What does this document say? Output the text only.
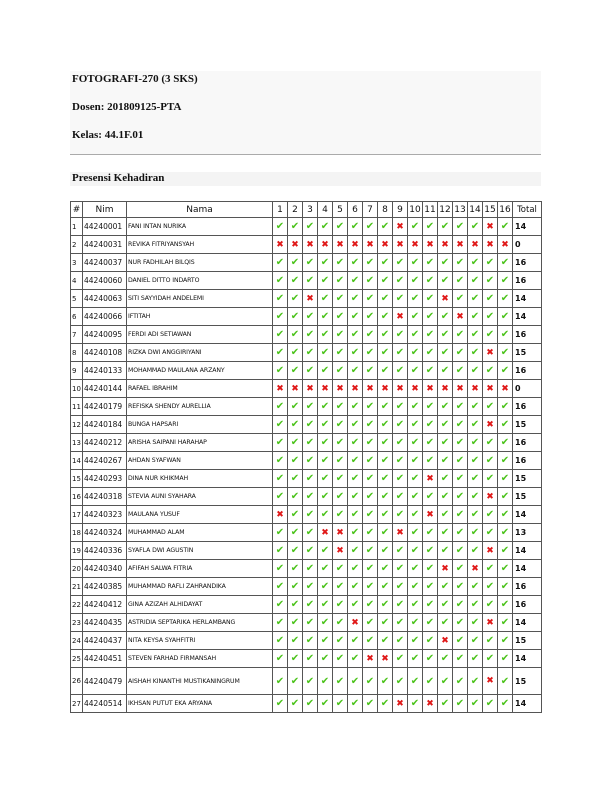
FOTOGRAFI-270 (3 SKS)
Dosen: 201809125-PTA
Kelas: 44.1F.01
Presensi Kehadiran
#	Nim	Nama	1	2	3	4	5	6	7	8	9	10	11	12	13	14	15	16	Total
1	44240001	FANI INTAN NURIKA	✔	✔	✔	✔	✔	✔	✔	✔	✖	✔	✔	✔	✔	✔	✖	✔	14
2	44240031	REVIKA FITRIYANSYAH	✖	✖	✖	✖	✖	✖	✖	✖	✖	✖	✖	✖	✖	✖	✖	✖	0
3	44240037	NUR FADHILAH BILQIS	✔	✔	✔	✔	✔	✔	✔	✔	✔	✔	✔	✔	✔	✔	✔	✔	16
4	44240060	DANIEL DITTO INDARTO	✔	✔	✔	✔	✔	✔	✔	✔	✔	✔	✔	✔	✔	✔	✔	✔	16
5	44240063	SITI SAYYIDAH ANDELEMI	✔	✔	✖	✔	✔	✔	✔	✔	✔	✔	✔	✖	✔	✔	✔	✔	14
6	44240066	IFTITAH	✔	✔	✔	✔	✔	✔	✔	✔	✖	✔	✔	✔	✖	✔	✔	✔	14
7	44240095	FERDI ADI SETIAWAN	✔	✔	✔	✔	✔	✔	✔	✔	✔	✔	✔	✔	✔	✔	✔	✔	16
8	44240108	RIZKA DWI ANGGIRIYANI	✔	✔	✔	✔	✔	✔	✔	✔	✔	✔	✔	✔	✔	✔	✖	✔	15
9	44240133	MOHAMMAD MAULANA ARZANY	✔	✔	✔	✔	✔	✔	✔	✔	✔	✔	✔	✔	✔	✔	✔	✔	16
10	44240144	RAFAEL IBRAHIM	✖	✖	✖	✖	✖	✖	✖	✖	✖	✖	✖	✖	✖	✖	✖	✖	0
11	44240179	REFISKA SHENDY AURELLIA	✔	✔	✔	✔	✔	✔	✔	✔	✔	✔	✔	✔	✔	✔	✔	✔	16
12	44240184	BUNGA HAPSARI	✔	✔	✔	✔	✔	✔	✔	✔	✔	✔	✔	✔	✔	✔	✖	✔	15
13	44240212	ARISHA SAIPANI HARAHAP	✔	✔	✔	✔	✔	✔	✔	✔	✔	✔	✔	✔	✔	✔	✔	✔	16
14	44240267	AHDAN SYAFWAN	✔	✔	✔	✔	✔	✔	✔	✔	✔	✔	✔	✔	✔	✔	✔	✔	16
15	44240293	DINA NUR KHIKMAH	✔	✔	✔	✔	✔	✔	✔	✔	✔	✔	✖	✔	✔	✔	✔	✔	15
16	44240318	STEVIA AUNI SYAHARA	✔	✔	✔	✔	✔	✔	✔	✔	✔	✔	✔	✔	✔	✔	✖	✔	15
17	44240323	MAULANA YUSUF	✖	✔	✔	✔	✔	✔	✔	✔	✔	✔	✖	✔	✔	✔	✔	✔	14
18	44240324	MUHAMMAD ALAM	✔	✔	✔	✖	✖	✔	✔	✔	✖	✔	✔	✔	✔	✔	✔	✔	13
19	44240336	SYAFLA DWI AGUSTIN	✔	✔	✔	✔	✖	✔	✔	✔	✔	✔	✔	✔	✔	✔	✖	✔	14
20	44240340	AFIFAH SALWA FITRIA	✔	✔	✔	✔	✔	✔	✔	✔	✔	✔	✔	✖	✔	✖	✔	✔	14
21	44240385	MUHAMMAD RAFLI ZAHRANDIKA	✔	✔	✔	✔	✔	✔	✔	✔	✔	✔	✔	✔	✔	✔	✔	✔	16
22	44240412	GINA AZIZAH ALHIDAYAT	✔	✔	✔	✔	✔	✔	✔	✔	✔	✔	✔	✔	✔	✔	✔	✔	16
23	44240435	ASTRIDIA SEPTARIKA HERLAMBANG	✔	✔	✔	✔	✔	✖	✔	✔	✔	✔	✔	✔	✔	✔	✖	✔	14
24	44240437	NITA KEYSA SYAHFITRI	✔	✔	✔	✔	✔	✔	✔	✔	✔	✔	✔	✖	✔	✔	✔	✔	15
25	44240451	STEVEN FARHAD FIRMANSAH	✔	✔	✔	✔	✔	✔	✖	✖	✔	✔	✔	✔	✔	✔	✔	✔	14
26	44240479	AISHAH KINANTHI MUSTIKANINGRUM	✔	✔	✔	✔	✔	✔	✔	✔	✔	✔	✔	✔	✔	✔	✖	✔	15
27	44240514	IKHSAN PUTUT EKA ARYANA	✔	✔	✔	✔	✔	✔	✔	✔	✖	✔	✖	✔	✔	✔	✔	✔	14
